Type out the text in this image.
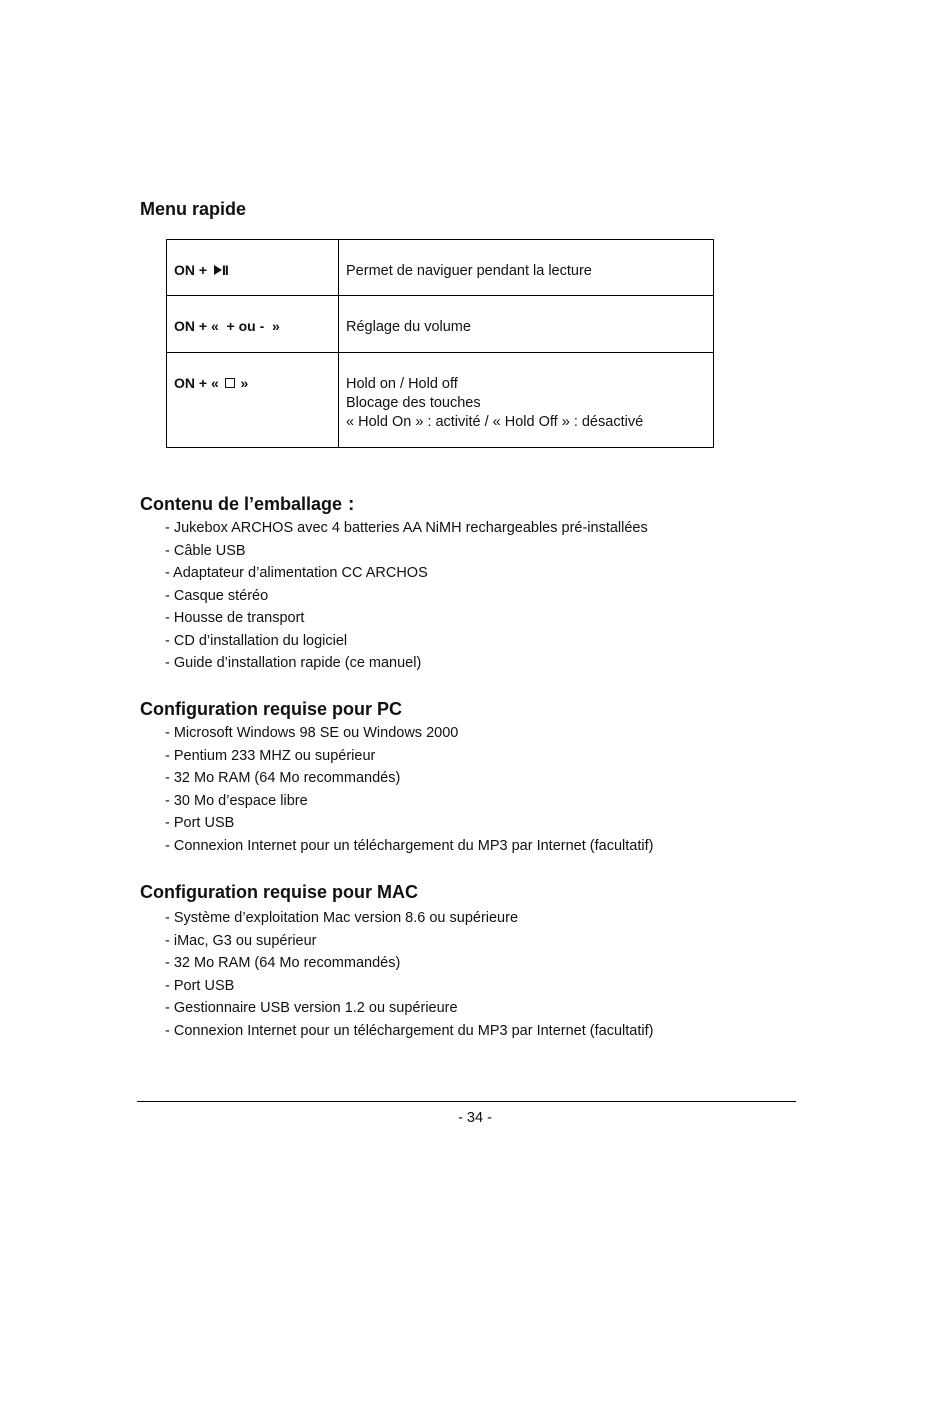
Menu rapide
ON + II	Permet de naviguer pendant la lecture

ON + «  + ou -  »	Réglage du volume

ON + «  »	Hold on / Hold off
Blocage des touches
« Hold On » : activité / « Hold Off » : désactivé
Contenu de l’emballage :
- Jukebox ARCHOS avec 4 batteries AA NiMH rechargeables pré-installées
- Câble USB
- Adaptateur d’alimentation CC ARCHOS
- Casque stéréo
- Housse de transport
- CD d’installation du logiciel
- Guide d’installation rapide (ce manuel)
Configuration requise pour PC
- Microsoft Windows 98 SE ou Windows 2000
- Pentium 233 MHZ ou supérieur
- 32 Mo RAM (64 Mo recommandés)
- 30 Mo d’espace libre
- Port USB
- Connexion Internet pour un téléchargement du MP3 par Internet (facultatif)
Configuration requise pour MAC
- Système d’exploitation Mac version 8.6 ou supérieure
- iMac, G3 ou supérieur
- 32 Mo RAM (64 Mo recommandés)
- Port USB
- Gestionnaire USB version 1.2 ou supérieure
- Connexion Internet pour un téléchargement du MP3 par Internet (facultatif)
- 34 -
